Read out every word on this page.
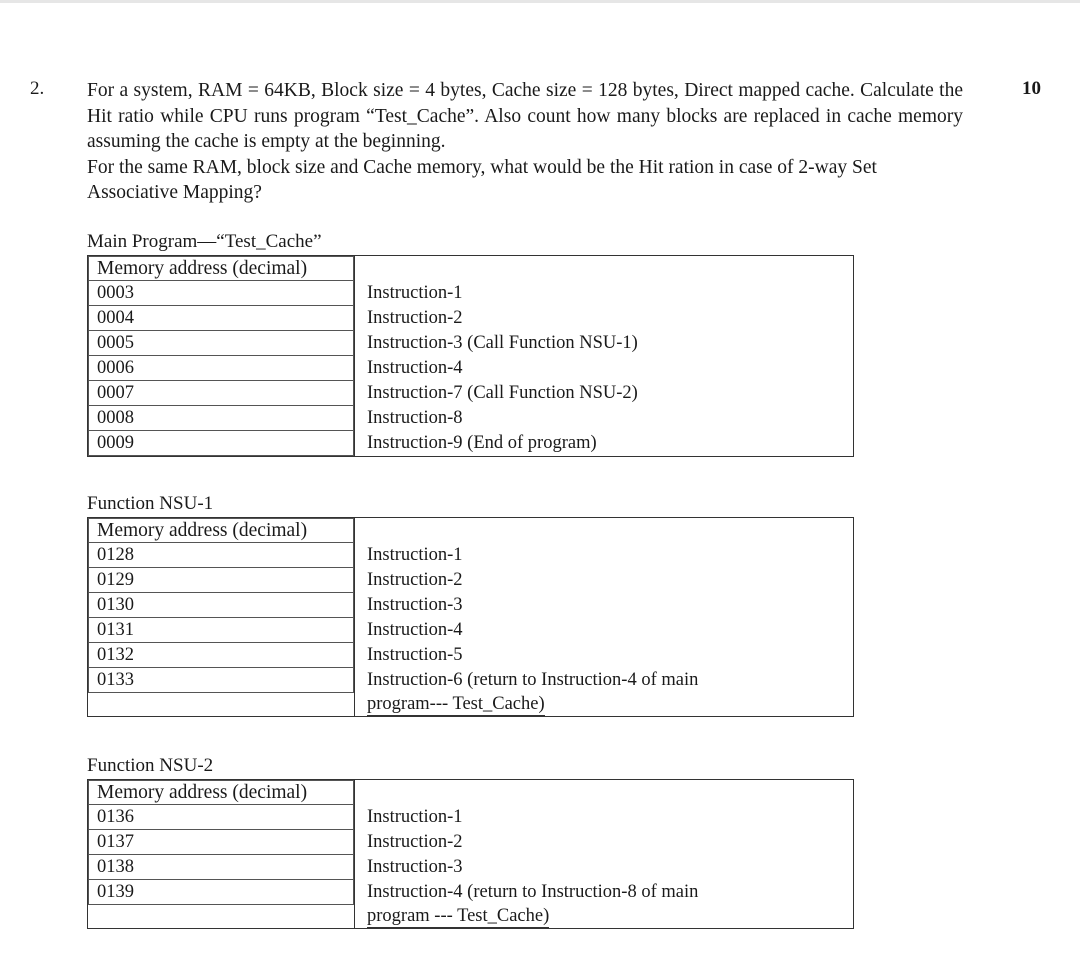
2.	10

For a system, RAM = 64KB, Block size = 4 bytes, Cache size = 128 bytes, Direct mapped cache. Calculate the Hit ratio while CPU runs program “Test_Cache”. Also count how many blocks are replaced in cache memory assuming the cache is empty at the beginning.

For the same RAM, block size and Cache memory, what would be the Hit ration in case of 2-way Set Associative Mapping?

Main Program—“Test_Cache”
Memory address (decimal)	

0003	Instruction-1

0004	Instruction-2

0005	Instruction-3 (Call Function NSU-1)

0006	Instruction-4

0007	Instruction-7 (Call Function NSU-2)

0008	Instruction-8

0009	Instruction-9 (End of program)
Function NSU-1
Memory address (decimal)	

0128	Instruction-1

0129	Instruction-2

0130	Instruction-3

0131	Instruction-4

0132	Instruction-5

0133	Instruction-6 (return to Instruction-4 of main
program--- Test_Cache)
Function NSU-2
Memory address (decimal)	

0136	Instruction-1

0137	Instruction-2

0138	Instruction-3

0139	Instruction-4 (return to Instruction-8 of main
program --- Test_Cache)
